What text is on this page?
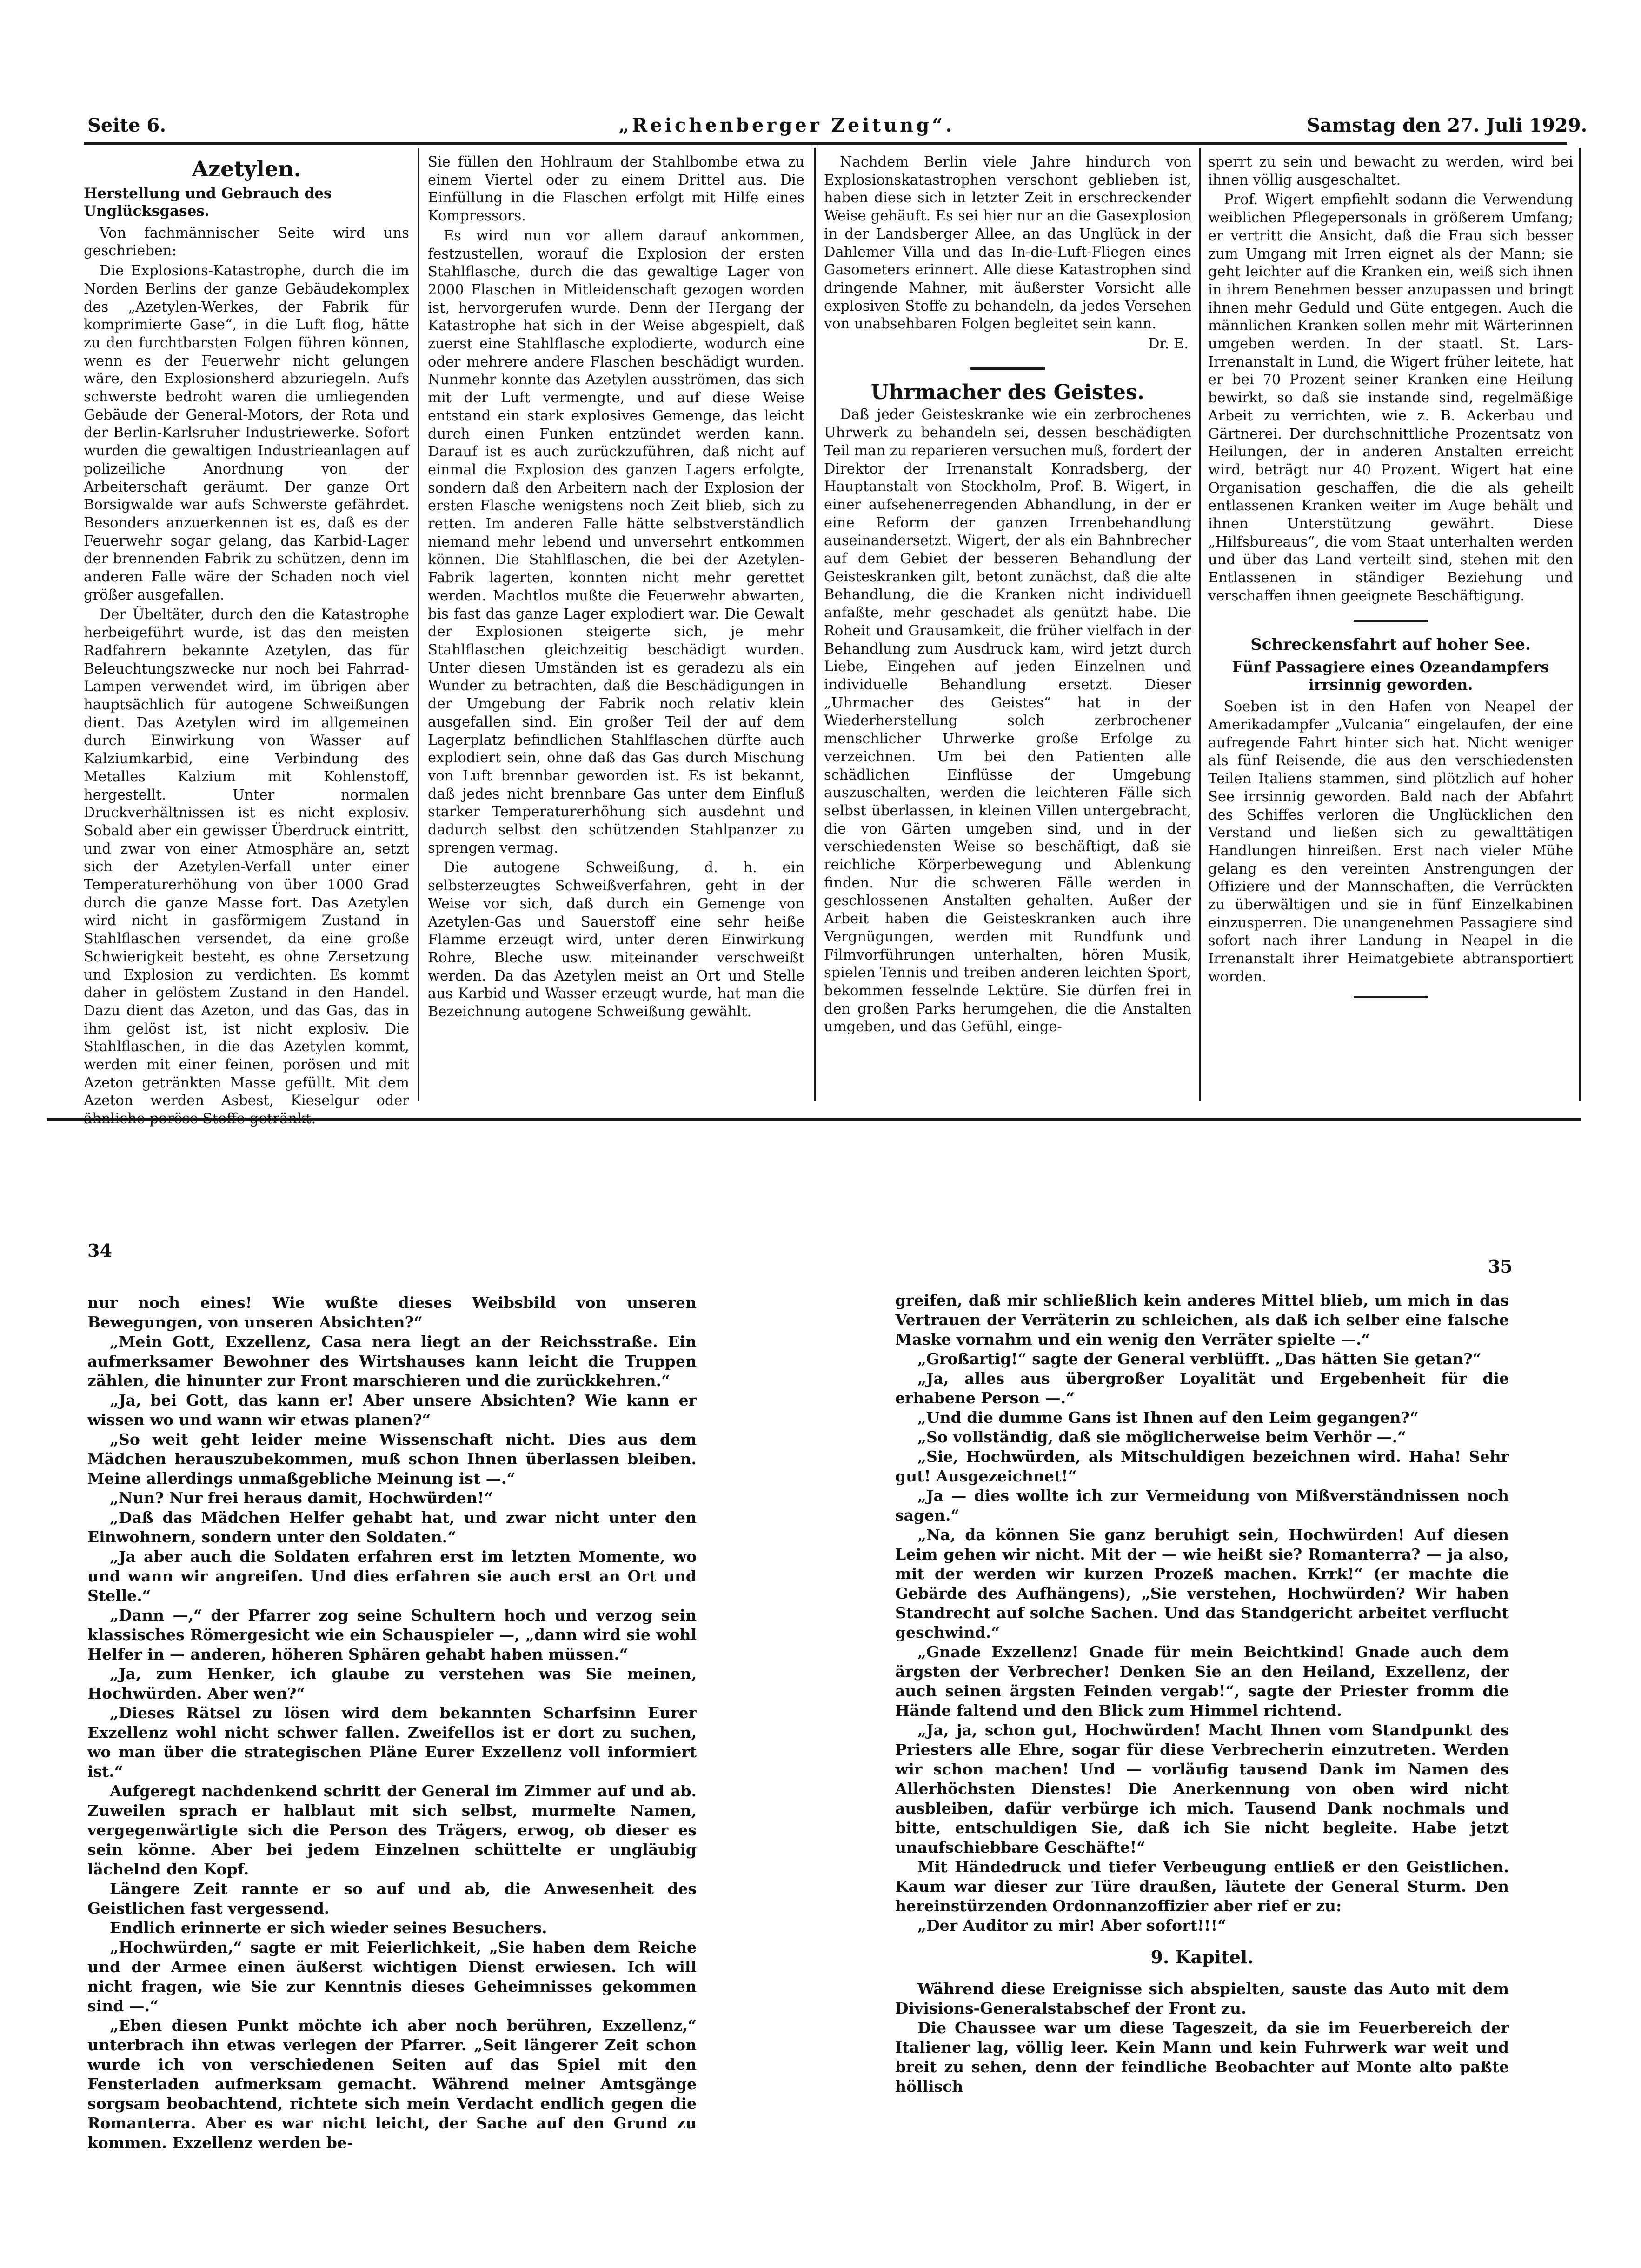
Seite 6.	„Reichenberger Zeitung“.	Samstag den 27. Juli 1929.
Azetylen.
Herstellung und Gebrauch des Unglücksgases.

Von fachmännischer Seite wird uns geschrieben:

Die Explosions-Katastrophe, durch die im Norden Berlins der ganze Gebäudekomplex des „Azetylen-Werkes, der Fabrik für komprimierte Gase“, in die Luft flog, hätte zu den furchtbarsten Folgen führen können, wenn es der Feuerwehr nicht gelungen wäre, den Explosionsherd abzuriegeln. Aufs schwerste bedroht waren die umliegenden Gebäude der General-Motors, der Rota und der Berlin-Karlsruher Industriewerke. Sofort wurden die gewaltigen Industrieanlagen auf polizeiliche Anordnung von der Arbeiterschaft geräumt. Der ganze Ort Borsigwalde war aufs Schwerste gefährdet. Besonders anzuerkennen ist es, daß es der Feuerwehr sogar gelang, das Karbid-Lager der brennenden Fabrik zu schützen, denn im anderen Falle wäre der Schaden noch viel größer ausgefallen.

Der Übeltäter, durch den die Katastrophe herbeigeführt wurde, ist das den meisten Radfahrern bekannte Azetylen, das für Beleuchtungszwecke nur noch bei Fahrrad-Lampen verwendet wird, im übrigen aber hauptsächlich für autogene Schweißungen dient. Das Azetylen wird im allgemeinen durch Einwirkung von Wasser auf Kalziumkarbid, eine Verbindung des Metalles Kalzium mit Kohlenstoff, hergestellt. Unter normalen Druckverhältnissen ist es nicht explosiv. Sobald aber ein gewisser Überdruck eintritt, und zwar von einer Atmosphäre an, setzt sich der Azetylen-Verfall unter einer Temperaturerhöhung von über 1000 Grad durch die ganze Masse fort. Das Azetylen wird nicht in gasförmigem Zustand in Stahlflaschen versendet, da eine große Schwierigkeit besteht, es ohne Zersetzung und Explosion zu verdichten. Es kommt daher in gelöstem Zustand in den Handel. Dazu dient das Azeton, und das Gas, das in ihm gelöst ist, ist nicht explosiv. Die Stahlflaschen, in die das Azetylen kommt, werden mit einer feinen, porösen und mit Azeton getränkten Masse gefüllt. Mit dem Azeton werden Asbest, Kieselgur oder

Sie füllen den Hohlraum der Stahlbombe etwa zu einem Viertel oder zu einem Drittel aus. Die Einfüllung in die Flaschen erfolgt mit Hilfe eines Kompressors.

Es wird nun vor allem darauf ankommen, festzustellen, worauf die Explosion der ersten Stahlflasche, durch die das gewaltige Lager von 2000 Flaschen in Mitleidenschaft gezogen worden ist, hervorgerufen wurde. Denn der Hergang der Katastrophe hat sich in der Weise abgespielt, daß zuerst eine Stahlflasche explodierte, wodurch eine oder mehrere andere Flaschen beschädigt wurden. Nunmehr konnte das Azetylen ausströmen, das sich mit der Luft vermengte, und auf diese Weise entstand ein stark explosives Gemenge, das leicht durch einen Funken entzündet werden kann. Darauf ist es auch zurückzuführen, daß nicht auf einmal die Explosion des ganzen Lagers erfolgte, sondern daß den Arbeitern nach der Explosion der ersten Flasche wenigstens noch Zeit blieb, sich zu retten. Im anderen Falle hätte selbstverständlich niemand mehr lebend und unversehrt entkommen können. Die Stahlflaschen, die bei der Azetylen-Fabrik lagerten, konnten nicht mehr gerettet werden. Machtlos mußte die Feuerwehr abwarten, bis fast das ganze Lager explodiert war. Die Gewalt der Explosionen steigerte sich, je mehr Stahlflaschen gleichzeitig beschädigt wurden. Unter diesen Umständen ist es geradezu als ein Wunder zu betrachten, daß die Beschädigungen in der Umgebung der Fabrik noch relativ klein ausgefallen sind. Ein großer Teil der auf dem Lagerplatz befindlichen Stahlflaschen dürfte auch explodiert sein, ohne daß das Gas durch Mischung von Luft brennbar geworden ist. Es ist bekannt, daß jedes nicht brennbare Gas unter dem Einfluß starker Temperaturerhöhung sich ausdehnt und dadurch selbst den schützenden Stahlpanzer zu sprengen vermag.

Die autogene Schweißung, d. h. ein selbsterzeugtes Schweißverfahren, geht in der Weise vor sich, daß durch ein Gemenge von Azetylen-Gas und Sauerstoff eine sehr heiße Flamme erzeugt wird, unter deren Einwirkung Rohre, Bleche usw. miteinander verschweißt werden. Da das Azetylen meist an Ort und Stelle aus Karbid und Wasser erzeugt wurde, hat man die Bezeichnung autogene Schweißung gewählt.

Nachdem Berlin viele Jahre hindurch von Explosionskatastrophen verschont geblieben ist, haben diese sich in letzter Zeit in erschreckender Weise gehäuft. Es sei hier nur an die Gasexplosion in der Landsberger Allee, an das Unglück in der Dahlemer Villa und das In-die-Luft-Fliegen eines Gasometers erinnert. Alle diese Katastrophen sind dringende Mahner, mit äußerster Vorsicht alle explosiven Stoffe zu behandeln, da jedes Versehen von unabsehbaren Folgen begleitet sein kann.

Dr. E.
Uhrmacher des Geistes.

Daß jeder Geisteskranke wie ein zerbrochenes Uhrwerk zu behandeln sei, dessen beschädigten Teil man zu reparieren versuchen muß, fordert der Direktor der Irrenanstalt Konradsberg, der Hauptanstalt von Stockholm, Prof. B. Wigert, in einer aufsehenerregenden Abhandlung, in der er eine Reform der ganzen Irrenbehandlung auseinandersetzt. Wigert, der als ein Bahnbrecher auf dem Gebiet der besseren Behandlung der Geisteskranken gilt, betont zunächst, daß die alte Behandlung, die die Kranken nicht individuell anfaßte, mehr geschadet als genützt habe. Die Roheit und Grausamkeit, die früher vielfach in der Behandlung zum Ausdruck kam, wird jetzt durch Liebe, Eingehen auf jeden Einzelnen und individuelle Behandlung ersetzt. Dieser „Uhrmacher des Geistes“ hat in der Wiederherstellung solch zerbrochener menschlicher Uhrwerke große Erfolge zu verzeichnen. Um bei den Patienten alle schädlichen Einflüsse der Umgebung auszuschalten, werden die leichteren Fälle sich selbst überlassen, in kleinen Villen untergebracht, die von Gärten umgeben sind, und in der verschiedensten Weise so beschäftigt, daß sie reichliche Körperbewegung und Ablenkung finden. Nur die schweren Fälle werden in geschlossenen Anstalten gehalten. Außer der Arbeit haben die Geisteskranken auch ihre Vergnügungen, werden mit Rundfunk und Filmvorführungen unterhalten, hören Musik, spielen Tennis und treiben anderen leichten Sport, bekommen fesselnde Lektüre. Sie dürfen frei in den großen Parks herumgehen, die die Anstalten umgeben, und das Gefühl, einge-

sperrt zu sein und bewacht zu werden, wird bei ihnen völlig ausgeschaltet.

Prof. Wigert empfiehlt sodann die Verwendung weiblichen Pflegepersonals in größerem Umfang; er vertritt die Ansicht, daß die Frau sich besser zum Umgang mit Irren eignet als der Mann; sie geht leichter auf die Kranken ein, weiß sich ihnen in ihrem Benehmen besser anzupassen und bringt ihnen mehr Geduld und Güte entgegen. Auch die männlichen Kranken sollen mehr mit Wärterinnen umgeben werden. In der staatl. St. Lars-Irrenanstalt in Lund, die Wigert früher leitete, hat er bei 70 Prozent seiner Kranken eine Heilung bewirkt, so daß sie instande sind, regelmäßige Arbeit zu verrichten, wie z. B. Ackerbau und Gärtnerei. Der durchschnittliche Prozentsatz von Heilungen, der in anderen Anstalten erreicht wird, beträgt nur 40 Prozent. Wigert hat eine Organisation geschaffen, die die als geheilt entlassenen Kranken weiter im Auge behält und ihnen Unterstützung gewährt. Diese „Hilfsbureaus“, die vom Staat unterhalten werden und über das Land verteilt sind, stehen mit den Entlassenen in ständiger Beziehung und verschaffen ihnen geeignete Beschäftigung.

Schreckensfahrt auf hoher See.
Fünf Passagiere eines Ozeandampfers irrsinnig geworden.

Soeben ist in den Hafen von Neapel der Amerikadampfer „Vulcania“ eingelaufen, der eine aufregende Fahrt hinter sich hat. Nicht weniger als fünf Reisende, die aus den verschiedensten Teilen Italiens stammen, sind plötzlich auf hoher See irrsinnig geworden. Bald nach der Abfahrt des Schiffes verloren die Unglücklichen den Verstand und ließen sich zu gewalttätigen Handlungen hinreißen. Erst nach vieler Mühe gelang es den vereinten Anstrengungen der Offiziere und der Mannschaften, die Verrückten zu überwältigen und sie in fünf Einzelkabinen einzusperren. Die unangenehmen Passagiere sind sofort nach ihrer Landung in Neapel in die Irrenanstalt ihrer Heimatgebiete abtransportiert worden.

34
35

nur noch eines! Wie wußte dieses Weibsbild von unseren Bewegungen, von unseren Absichten?“

„Mein Gott, Exzellenz, Casa nera liegt an der Reichsstraße. Ein aufmerksamer Bewohner des Wirtshauses kann leicht die Truppen zählen, die hinunter zur Front marschieren und die zurückkehren.“

„Ja, bei Gott, das kann er! Aber unsere Absichten? Wie kann er wissen wo und wann wir etwas planen?“

„So weit geht leider meine Wissenschaft nicht. Dies aus dem Mädchen herauszubekommen, muß schon Ihnen überlassen bleiben. Meine allerdings unmaßgebliche Meinung ist —.“

„Nun? Nur frei heraus damit, Hochwürden!“

„Daß das Mädchen Helfer gehabt hat, und zwar nicht unter den Einwohnern, sondern unter den Soldaten.“

„Ja aber auch die Soldaten erfahren erst im letzten Momente, wo und wann wir angreifen. Und dies erfahren sie auch erst an Ort und Stelle.“

„Dann —,“ der Pfarrer zog seine Schultern hoch und verzog sein klassisches Römergesicht wie ein Schauspieler —, „dann wird sie wohl Helfer in — anderen, höheren Sphären gehabt haben müssen.“

„Ja, zum Henker, ich glaube zu verstehen was Sie meinen, Hochwürden. Aber wen?“

„Dieses Rätsel zu lösen wird dem bekannten Scharfsinn Eurer Exzellenz wohl nicht schwer fallen. Zweifellos ist er dort zu suchen, wo man über die strategischen Pläne Eurer Exzellenz voll informiert ist.“

Aufgeregt nachdenkend schritt der General im Zimmer auf und ab. Zuweilen sprach er halblaut mit sich selbst, murmelte Namen, vergegenwärtigte sich die Person des Trägers, erwog, ob dieser es sein könne. Aber bei jedem Einzelnen schüttelte er ungläubig lächelnd den Kopf.

Längere Zeit rannte er so auf und ab, die Anwesenheit des Geistlichen fast vergessend.

Endlich erinnerte er sich wieder seines Besuchers.

„Hochwürden,“ sagte er mit Feierlichkeit, „Sie haben dem Reiche und der Armee einen äußerst wichtigen Dienst erwiesen. Ich will nicht fragen, wie Sie zur Kenntnis dieses Geheimnisses gekommen sind —.“

„Eben diesen Punkt möchte ich aber noch berühren, Exzellenz,“ unterbrach ihn etwas verlegen der Pfarrer. „Seit längerer Zeit schon wurde ich von verschiedenen Seiten auf das Spiel mit den Fensterladen aufmerksam gemacht. Während meiner Amtsgänge sorgsam beobachtend, richtete sich mein Verdacht endlich gegen die Romanterra. Aber es war nicht leicht, der Sache auf den Grund zu kommen. Exzellenz werden be-

greifen, daß mir schließlich kein anderes Mittel blieb, um mich in das Vertrauen der Verräterin zu schleichen, als daß ich selber eine falsche Maske vornahm und ein wenig den Verräter spielte —.“

„Großartig!“ sagte der General verblüfft. „Das hätten Sie getan?“

„Ja, alles aus übergroßer Loyalität und Ergebenheit für die erhabene Person —.“

„Und die dumme Gans ist Ihnen auf den Leim gegangen?“

„So vollständig, daß sie möglicherweise beim Verhör —.“

„Sie, Hochwürden, als Mitschuldigen bezeichnen wird. Haha! Sehr gut! Ausgezeichnet!“

„Ja — dies wollte ich zur Vermeidung von Mißverständnissen noch sagen.“

„Na, da können Sie ganz beruhigt sein, Hochwürden! Auf diesen Leim gehen wir nicht. Mit der — wie heißt sie? Romanterra? — ja also, mit der werden wir kurzen Prozeß machen. Krrk!“ (er machte die Gebärde des Aufhängens), „Sie verstehen, Hochwürden? Wir haben Standrecht auf solche Sachen. Und das Standgericht arbeitet verflucht geschwind.“

„Gnade Exzellenz! Gnade für mein Beichtkind! Gnade auch dem ärgsten der Verbrecher! Denken Sie an den Heiland, Exzellenz, der auch seinen ärgsten Feinden vergab!“, sagte der Priester fromm die Hände faltend und den Blick zum Himmel richtend.

„Ja, ja, schon gut, Hochwürden! Macht Ihnen vom Standpunkt des Priesters alle Ehre, sogar für diese Verbrecherin einzutreten. Werden wir schon machen! Und — vorläufig tausend Dank im Namen des Allerhöchsten Dienstes! Die Anerkennung von oben wird nicht ausbleiben, dafür verbürge ich mich. Tausend Dank nochmals und bitte, entschuldigen Sie, daß ich Sie nicht begleite. Habe jetzt unaufschiebbare Geschäfte!“

Mit Händedruck und tiefer Verbeugung entließ er den Geistlichen. Kaum war dieser zur Türe draußen, läutete der General Sturm. Den hereinstürzenden Ordonnanzoffizier aber rief er zu:

„Der Auditor zu mir! Aber sofort!!!“

9. Kapitel.

Während diese Ereignisse sich abspielten, sauste das Auto mit dem Divisions-Generalstabschef der Front zu.

Die Chaussee war um diese Tageszeit, da sie im Feuerbereich der Italiener lag, völlig leer. Kein Mann und kein Fuhrwerk war weit und breit zu sehen, denn der feindliche Beobachter auf Monte alto paßte höllisch
